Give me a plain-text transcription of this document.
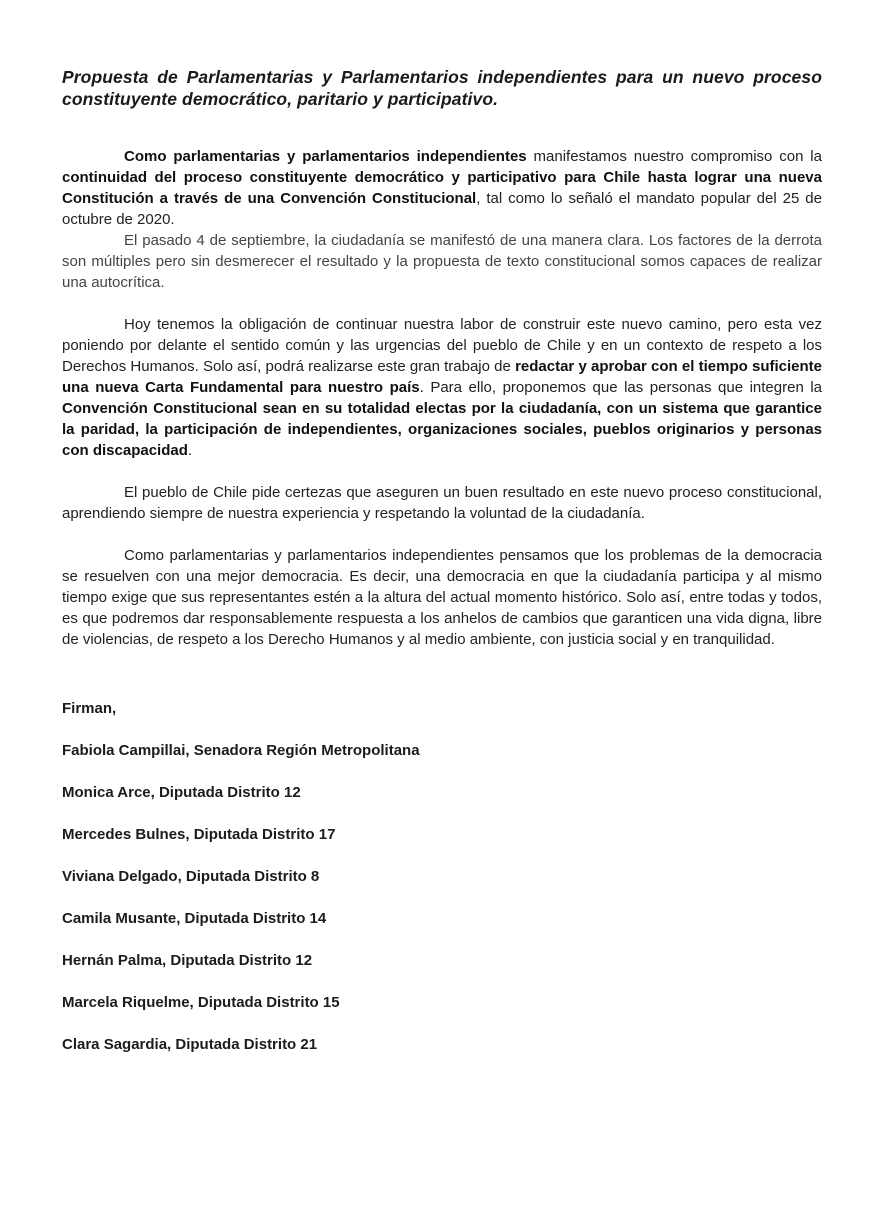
Propuesta de Parlamentarias y Parlamentarios independientes para un nuevo proceso constituyente democrático, paritario y participativo.

Como parlamentarias y parlamentarios independientes manifestamos nuestro compromiso con la continuidad del proceso constituyente democrático y participativo para Chile hasta lograr una nueva Constitución a través de una Convención Constitucional, tal como lo señaló el mandato popular del 25 de octubre de 2020.

El pasado 4 de septiembre, la ciudadanía se manifestó de una manera clara. Los factores de la derrota son múltiples pero sin desmerecer el resultado y la propuesta de texto constitucional somos capaces de realizar una autocrítica.

Hoy tenemos la obligación de continuar nuestra labor de construir este nuevo camino, pero esta vez poniendo por delante el sentido común y las urgencias del pueblo de Chile y en un contexto de respeto a los Derechos Humanos. Solo así, podrá realizarse este gran trabajo de redactar y aprobar con el tiempo suficiente una nueva Carta Fundamental para nuestro país. Para ello, proponemos que las personas que integren la Convención Constitucional sean en su totalidad electas por la ciudadanía, con un sistema que garantice la paridad, la participación de independientes, organizaciones sociales, pueblos originarios y personas con discapacidad.

El pueblo de Chile pide certezas que aseguren un buen resultado en este nuevo proceso constitucional, aprendiendo siempre de nuestra experiencia y respetando la voluntad de la ciudadanía.

Como parlamentarias y parlamentarios independientes pensamos que los problemas de la democracia se resuelven con una mejor democracia. Es decir, una democracia en que la ciudadanía participa y al mismo tiempo exige que sus representantes estén a la altura del actual momento histórico. Solo así, entre todas y todos, es que podremos dar responsablemente respuesta a los anhelos de cambios que garanticen una vida digna, libre de violencias, de respeto a los Derecho Humanos y al medio ambiente, con justicia social y en tranquilidad.

Firman,

Fabiola Campillai, Senadora Región Metropolitana

Monica Arce, Diputada Distrito 12

Mercedes Bulnes, Diputada Distrito 17

Viviana Delgado, Diputada Distrito 8

Camila Musante, Diputada Distrito 14

Hernán Palma, Diputada Distrito 12

Marcela Riquelme, Diputada Distrito 15

Clara Sagardia, Diputada Distrito 21
